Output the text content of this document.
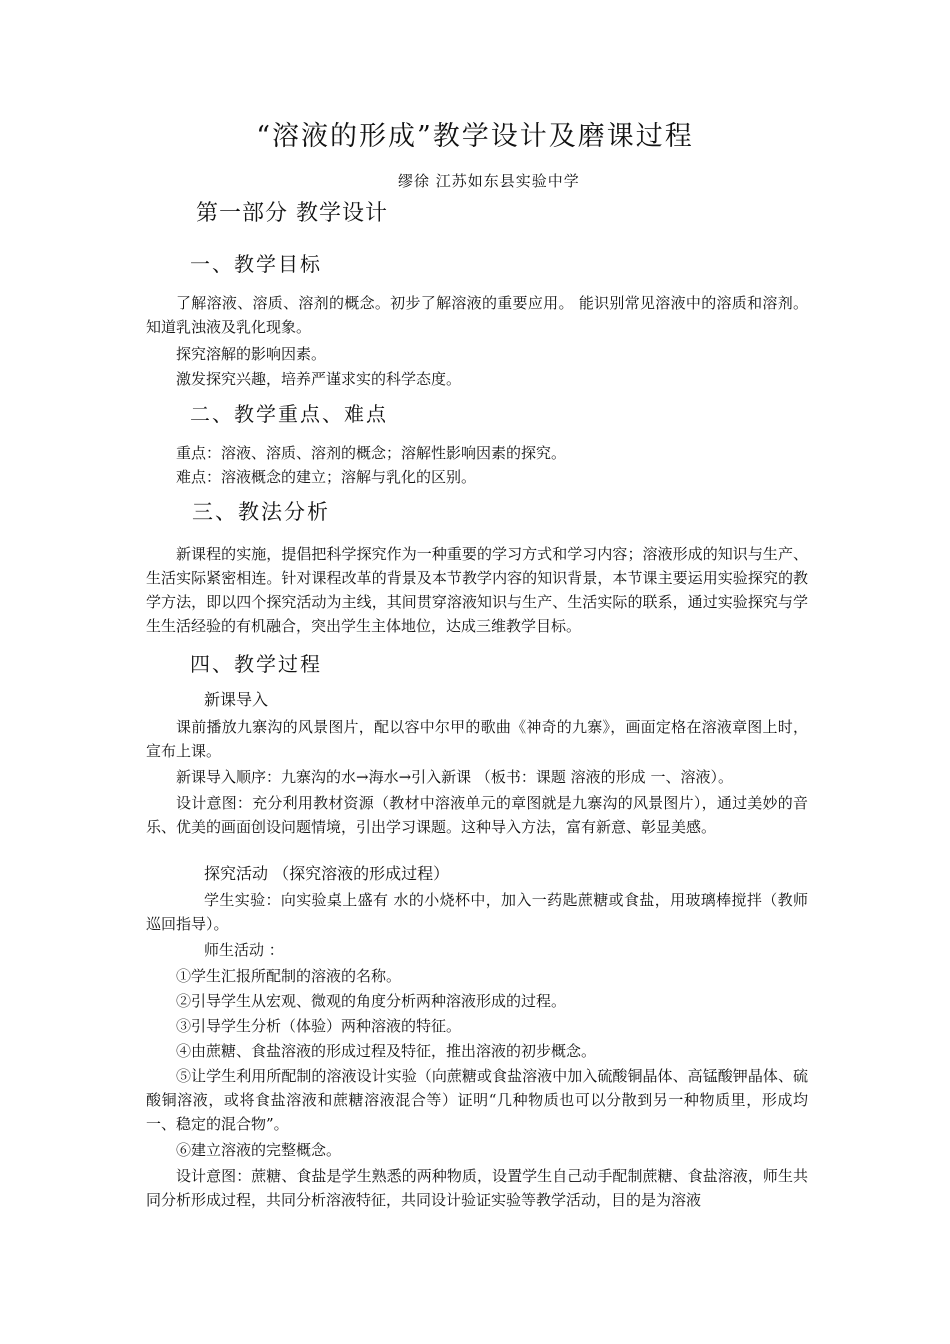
“溶液的形成”教学设计及磨课过程
缪徐 江苏如东县实验中学
第一部分 教学设计
一、教学目标

了解溶液、溶质、溶剂的概念。初步了解溶液的重要应用。 能识别常见溶液中的溶质和溶剂。知道乳浊液及乳化现象。

探究溶解的影响因素。

激发探究兴趣，培养严谨求实的科学态度。

二、教学重点、难点

重点：溶液、溶质、溶剂的概念；溶解性影响因素的探究。

难点：溶液概念的建立；溶解与乳化的区别。

三、教法分析

新课程的实施，提倡把科学探究作为一种重要的学习方式和学习内容；溶液形成的知识与生产、生活实际紧密相连。针对课程改革的背景及本节教学内容的知识背景，本节课主要运用实验探究的教学方法，即以四个探究活动为主线，其间贯穿溶液知识与生产、生活实际的联系，通过实验探究与学生生活经验的有机融合，突出学生主体地位，达成三维教学目标。

四、教学过程

新课导入

课前播放九寨沟的风景图片，配以容中尔甲的歌曲《神奇的九寨》，画面定格在溶液章图上时，宣布上课。

新课导入顺序：九寨沟的水→海水→引入新课 （板书：课题 溶液的形成 一、溶液）。

设计意图：充分利用教材资源（教材中溶液单元的章图就是九寨沟的风景图片），通过美妙的音乐、优美的画面创设问题情境，引出学习课题。这种导入方法，富有新意、彰显美感。

探究活动 （探究溶液的形成过程）

学生实验：向实验桌上盛有 水的小烧杯中，加入一药匙蔗糖或食盐，用玻璃棒搅拌（教师巡回指导）。

师生活动 ：

①学生汇报所配制的溶液的名称。

②引导学生从宏观、微观的角度分析两种溶液形成的过程。

③引导学生分析（体验）两种溶液的特征。

④由蔗糖、食盐溶液的形成过程及特征，推出溶液的初步概念。

⑤让学生利用所配制的溶液设计实验（向蔗糖或食盐溶液中加入硫酸铜晶体、高锰酸钾晶体、硫酸铜溶液，或将食盐溶液和蔗糖溶液混合等）证明“几种物质也可以分散到另一种物质里，形成均一、稳定的混合物”。

⑥建立溶液的完整概念。

设计意图：蔗糖、食盐是学生熟悉的两种物质，设置学生自己动手配制蔗糖、食盐溶液，师生共同分析形成过程，共同分析溶液特征，共同设计验证实验等教学活动，目的是为溶液
